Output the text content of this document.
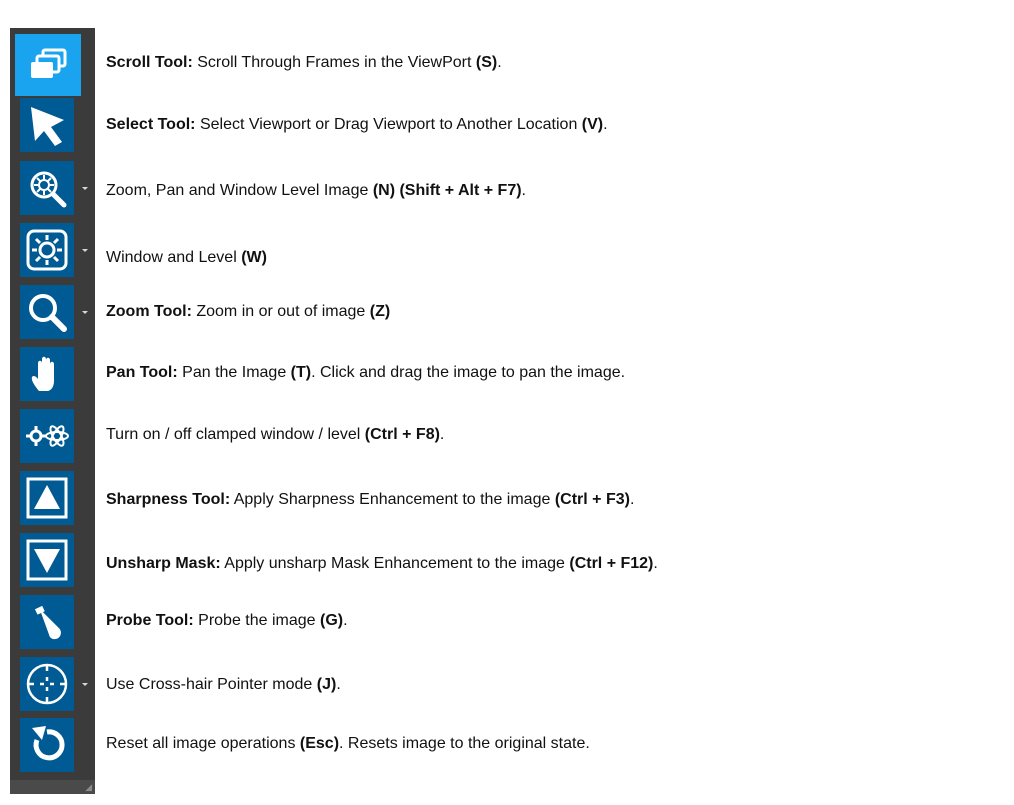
◢
Scroll Tool: Scroll Through Frames in the ViewPort (S).
Select Tool: Select Viewport or Drag Viewport to Another Location (V).
Zoom, Pan and Window Level Image (N) (Shift + Alt + F7).
Window and Level (W)
Zoom Tool: Zoom in or out of image (Z)
Pan Tool: Pan the Image (T). Click and drag the image to pan the image.
Turn on / off clamped window / level (Ctrl + F8).
Sharpness Tool: Apply Sharpness Enhancement to the image (Ctrl + F3).
Unsharp Mask: Apply unsharp Mask Enhancement to the image (Ctrl + F12).
Probe Tool: Probe the image (G).
Use Cross-hair Pointer mode (J).
Reset all image operations (Esc). Resets image to the original state.
